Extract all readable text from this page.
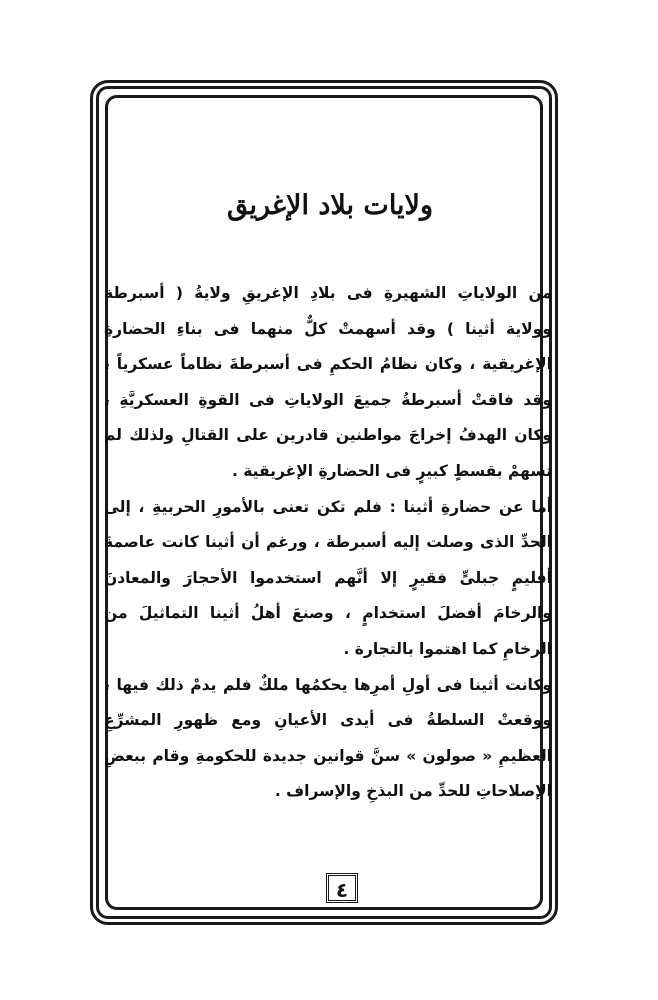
ولايات بلاد الإغريق

من الولاياتِ الشهيرةِ فى بلادِ الإغريقِ ولايةُ ( أسبرطة وولاية أثينا ) وقد أسهمتْ كلٌّ منهما فى بناءِ الحضارةِ الإغريقية ، وكان نظامُ الحكمِ فى أسبرطةَ نظاماً عسكرياً ، وقد فاقتْ أسبرطةُ جميعَ الولاياتِ فى القوةِ العسكريَّةِ ، وكان الهدفُ إخراجَ مواطنين قادرين على القتالِ ولذلك لم تسهمْ بقسطٍ كبيرٍ فى الحضارةِ الإغريقية .

أما عن حضارةِ أثينا : فلم تكن تعنى بالأمورِ الحربيةِ ، إلى الحدِّ الذى وصلت إليه أسبرطة ، ورغم أن أثينا كانت عاصمةَ أقليمٍ جبلىٍّ فقيرٍ إلا أنَّهم استخدموا الأحجارَ والمعادنَ والرخامَ أفضلَ استخدامٍ ، وصنعَ أهلُ أثينا التماثيلَ من الرخامِ كما اهتموا بالتجارة .

وكانت أثينا فى أولِ أمرِها يحكمُها ملكٌ فلم يدمْ ذلك فيها ، ووقعتْ السلطةُ فى أيدى الأعيانِ ومع ظهورِ المشرِّعِ العظيمِ « صولون » سنَّ قوانين جديدة للحكومةِ وقام ببعضِ الإصلاحاتِ للحدِّ من البذخِ والإسراف .

٤
